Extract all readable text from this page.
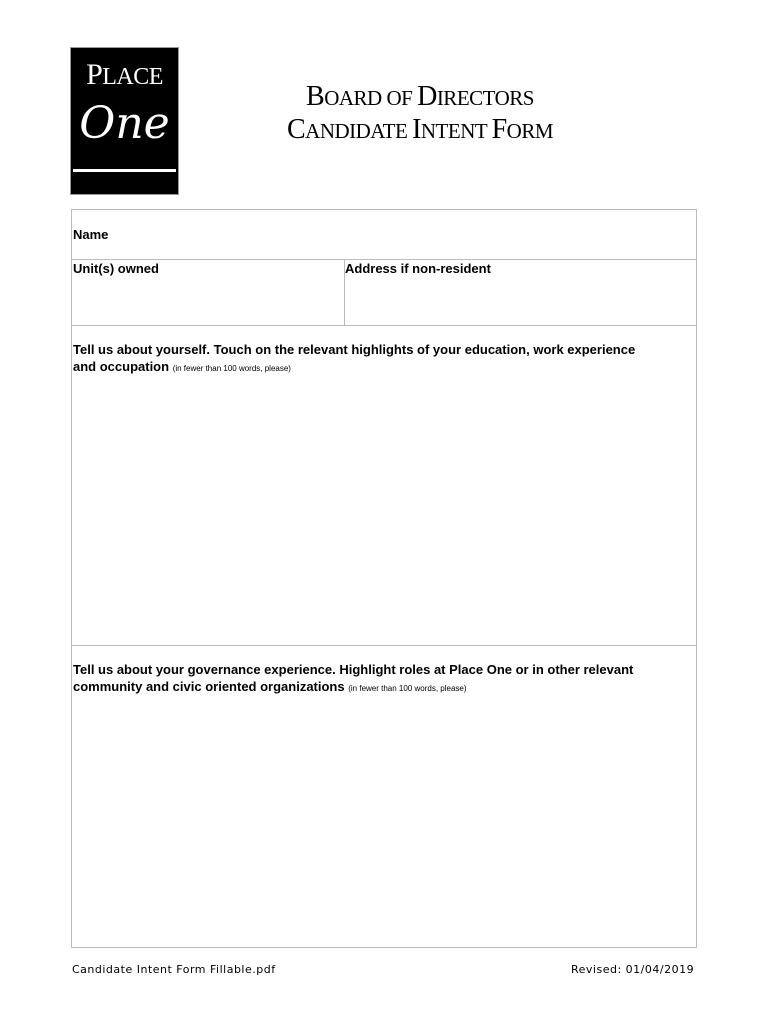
PLACE
One
BOARD OF DIRECTORS
CANDIDATE INTENT FORM
Name
Unit(s) owned	Address if non-resident
Tell us about yourself. Touch on the relevant highlights of your education, work experience
and occupation (in fewer than 100 words, please)
Tell us about your governance experience. Highlight roles at Place One or in other relevant
community and civic oriented organizations (in fewer than 100 words, please)
Candidate Intent Form Fillable.pdf	Revised: 01/04/2019
